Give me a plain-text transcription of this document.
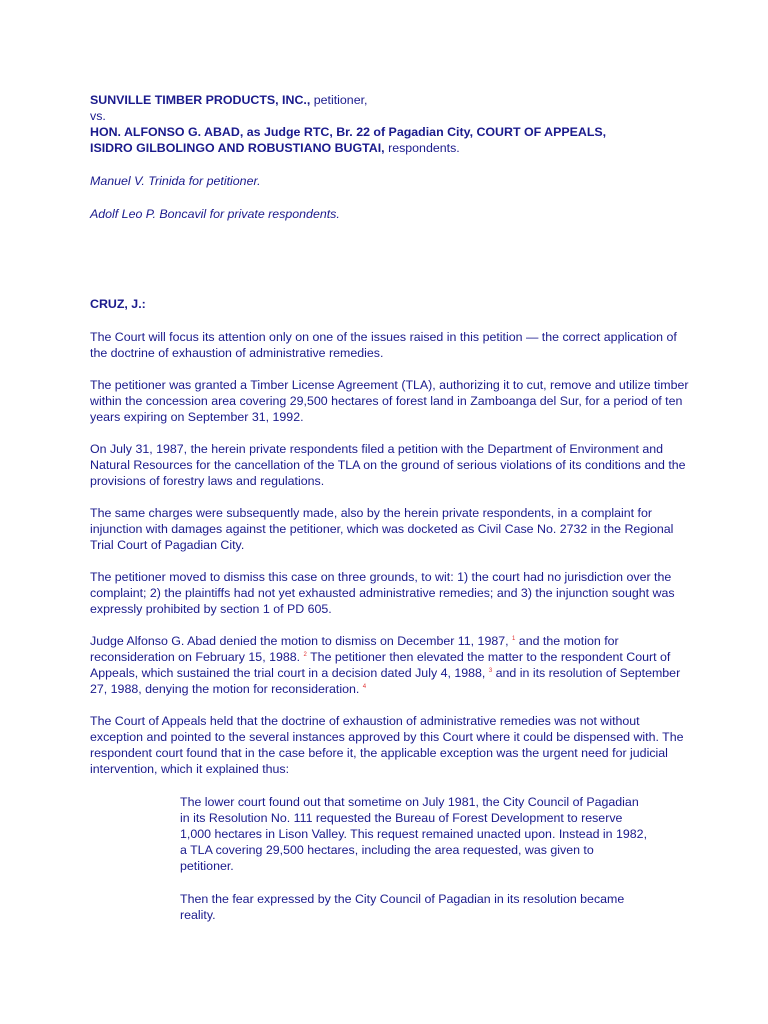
SUNVILLE TIMBER PRODUCTS, INC., petitioner,

vs.

HON. ALFONSO G. ABAD, as Judge RTC, Br. 22 of Pagadian City, COURT OF APPEALS,

ISIDRO GILBOLINGO AND ROBUSTIANO BUGTAI, respondents.

Manuel V. Trinida for petitioner.

Adolf Leo P. Boncavil for private respondents.

CRUZ, J.:

The Court will focus its attention only on one of the issues raised in this petition — the correct application of the doctrine of exhaustion of administrative remedies.

The petitioner was granted a Timber License Agreement (TLA), authorizing it to cut, remove and utilize timber within the concession area covering 29,500 hectares of forest land in Zamboanga del Sur, for a period of ten years expiring on September 31, 1992.

On July 31, 1987, the herein private respondents filed a petition with the Department of Environment and Natural Resources for the cancellation of the TLA on the ground of serious violations of its conditions and the provisions of forestry laws and regulations.

The same charges were subsequently made, also by the herein private respondents, in a complaint for injunction with damages against the petitioner, which was docketed as Civil Case No. 2732 in the Regional Trial Court of Pagadian City.

The petitioner moved to dismiss this case on three grounds, to wit: 1) the court had no jurisdiction over the complaint; 2) the plaintiffs had not yet exhausted administrative remedies; and 3) the injunction sought was expressly prohibited by section 1 of PD 605.

Judge Alfonso G. Abad denied the motion to dismiss on December 11, 1987, $^1$ and the motion for reconsideration on February 15, 1988. $^2$ The petitioner then elevated the matter to the respondent Court of Appeals, which sustained the trial court in a decision dated July 4, 1988, $^3$ and in its resolution of September 27, 1988, denying the motion for reconsideration. $^4$

The Court of Appeals held that the doctrine of exhaustion of administrative remedies was not without exception and pointed to the several instances approved by this Court where it could be dispensed with. The respondent court found that in the case before it, the applicable exception was the urgent need for judicial intervention, which it explained thus:

The lower court found out that sometime on July 1981, the City Council of Pagadian in its Resolution No. 111 requested the Bureau of Forest Development to reserve 1,000 hectares in Lison Valley. This request remained unacted upon. Instead in 1982, a TLA covering 29,500 hectares, including the area requested, was given to petitioner.

Then the fear expressed by the City Council of Pagadian in its resolution became reality.
